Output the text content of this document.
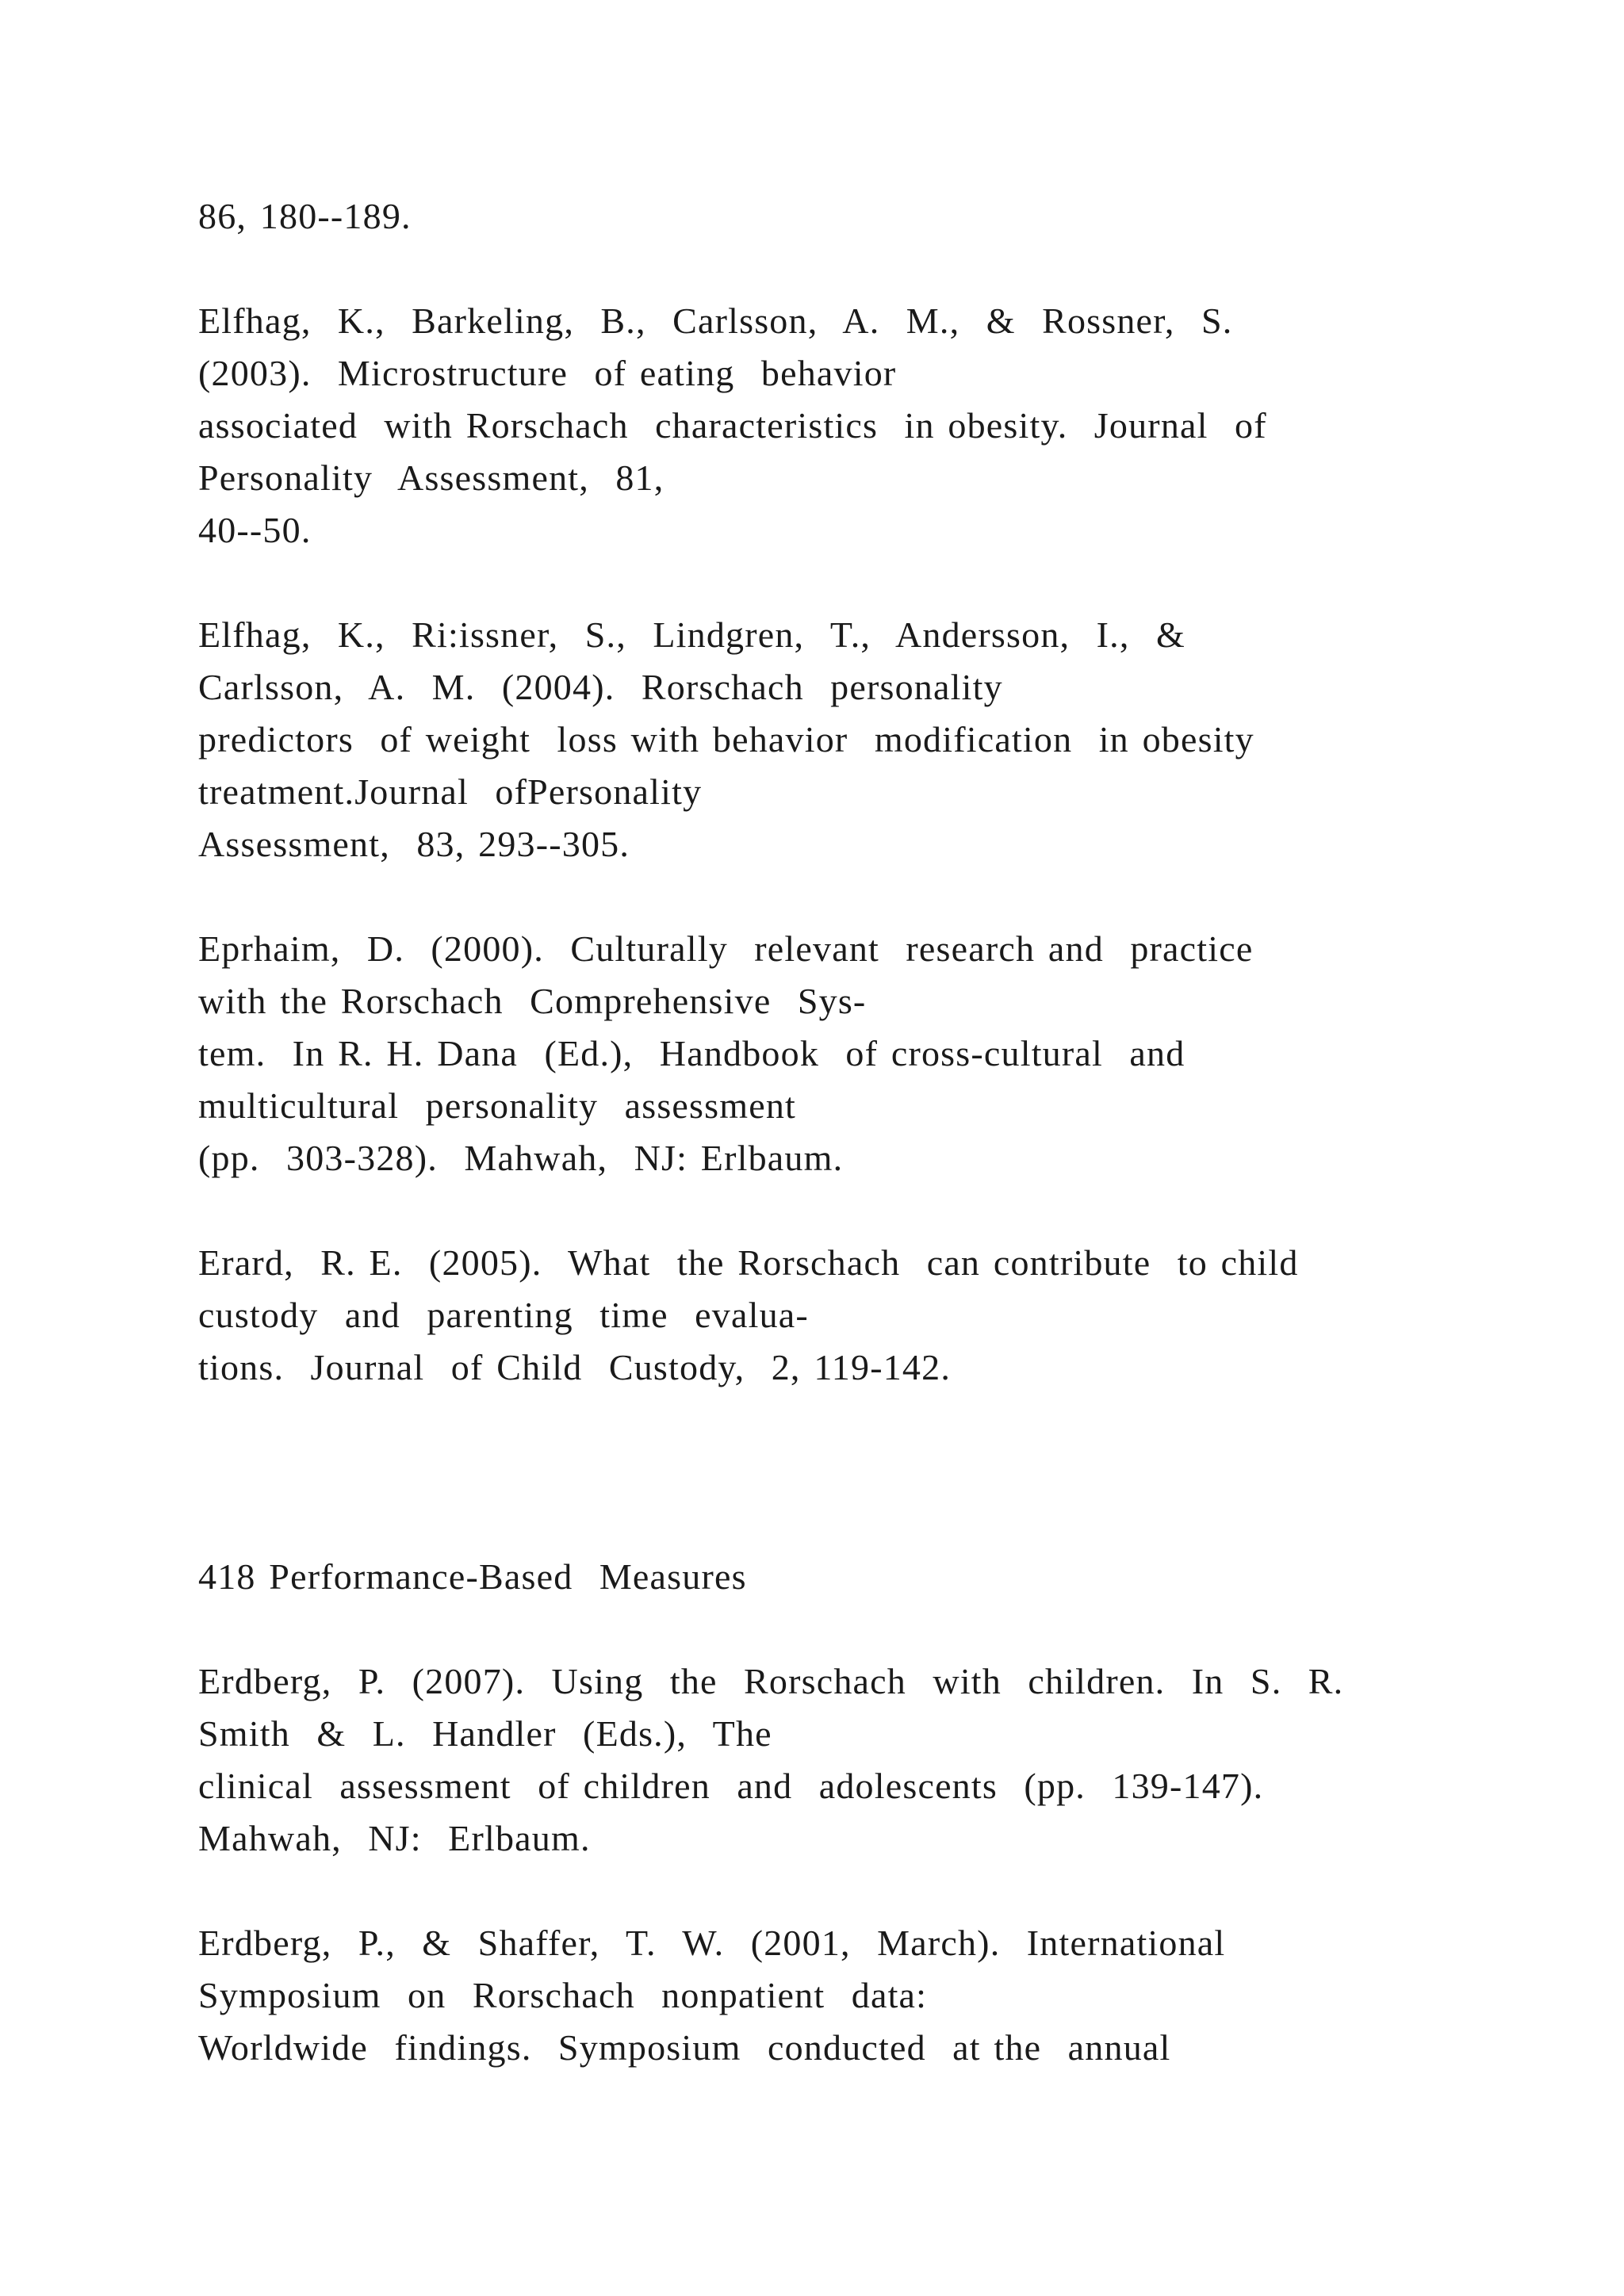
86, 180--189.
Elfhag,  K.,  Barkeling,  B.,  Carlsson,  A.  M.,  &  Rossner,  S.
(2003).  Microstructure  of eating  behavior
associated  with Rorschach  characteristics  in obesity.  Journal  of
Personality  Assessment,  81,
40--50.
Elfhag,  K.,  Ri:issner,  S.,  Lindgren,  T.,  Andersson,  I.,  &
Carlsson,  A.  M.  (2004).  Rorschach  personality
predictors  of weight  loss with behavior  modification  in obesity
treatment.Journal  ofPersonality
Assessment,  83, 293--305.
Eprhaim,  D.  (2000).  Culturally  relevant  research and  practice
with the Rorschach  Comprehensive  Sys-
tem.  In R. H. Dana  (Ed.),  Handbook  of cross-cultural  and
multicultural  personality  assessment
(pp.  303-328).  Mahwah,  NJ: Erlbaum.
Erard,  R. E.  (2005).  What  the Rorschach  can contribute  to child
custody  and  parenting  time  evalua-
tions.  Journal  of Child  Custody,  2, 119-142.
418 Performance-Based  Measures
Erdberg,  P.  (2007).  Using  the  Rorschach  with  children.  In  S.  R.
Smith  &  L.  Handler  (Eds.),  The
clinical  assessment  of children  and  adolescents  (pp.  139-147).
Mahwah,  NJ:  Erlbaum.
Erdberg,  P.,  &  Shaffer,  T.  W.  (2001,  March).  International
Symposium  on  Rorschach  nonpatient  data:
Worldwide  findings.  Symposium  conducted  at the  annual
